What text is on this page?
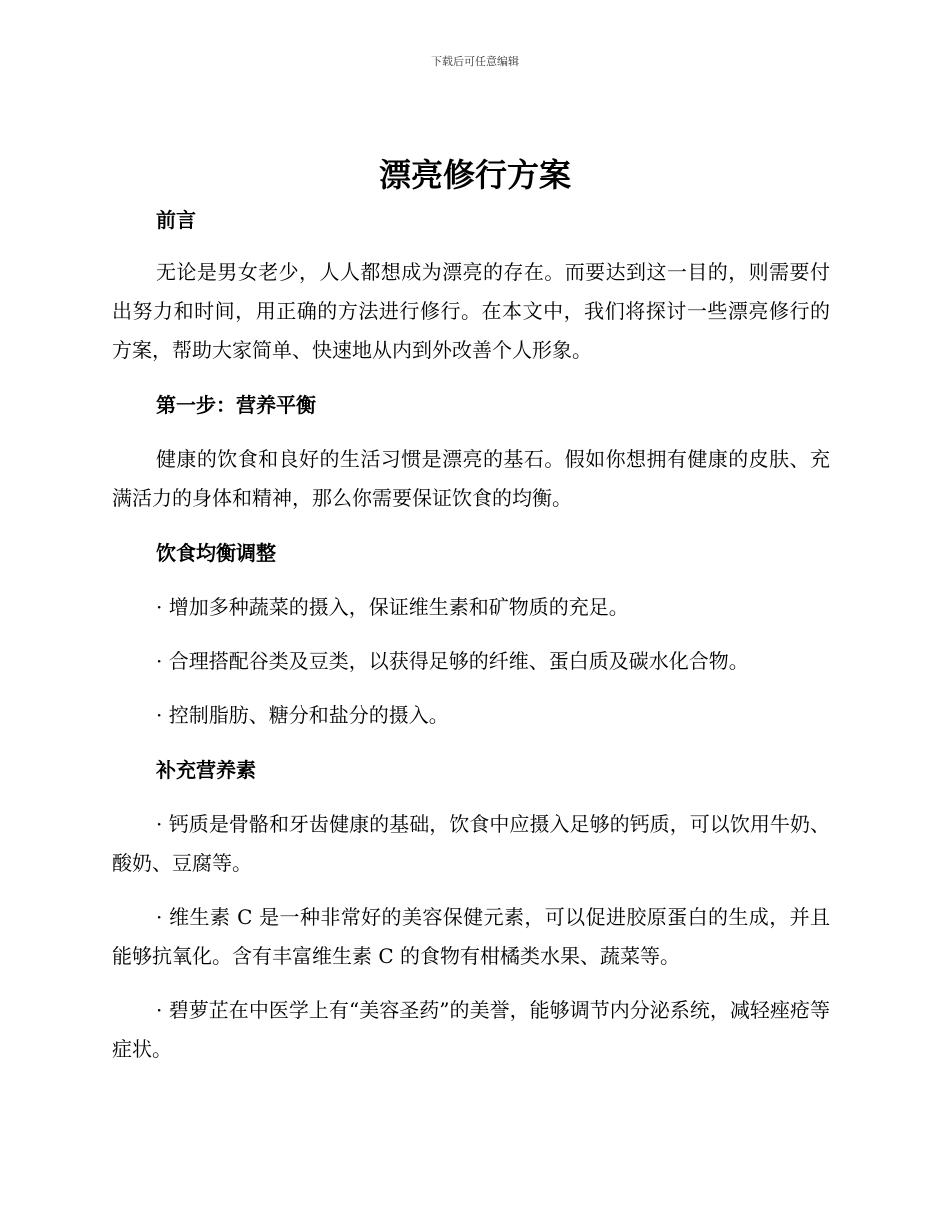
下载后可任意编辑
漂亮修行方案

前言

无论是男女老少，人人都想成为漂亮的存在。而要达到这一目的，则需要付出努力和时间，用正确的方法进行修行。在本文中，我们将探讨一些漂亮修行的方案，帮助大家简单、快速地从内到外改善个人形象。

第一步：营养平衡

健康的饮食和良好的生活习惯是漂亮的基石。假如你想拥有健康的皮肤、充满活力的身体和精神，那么你需要保证饮食的均衡。

饮食均衡调整

· 增加多种蔬菜的摄入，保证维生素和矿物质的充足。

· 合理搭配谷类及豆类，以获得足够的纤维、蛋白质及碳水化合物。

· 控制脂肪、糖分和盐分的摄入。

补充营养素

· 钙质是骨骼和牙齿健康的基础，饮食中应摄入足够的钙质，可以饮用牛奶、酸奶、豆腐等。

· 维生素 C 是一种非常好的美容保健元素，可以促进胶原蛋白的生成，并且能够抗氧化。含有丰富维生素 C 的食物有柑橘类水果、蔬菜等。

· 碧萝芷在中医学上有“美容圣药”的美誉，能够调节内分泌系统，减轻痤疮等症状。
